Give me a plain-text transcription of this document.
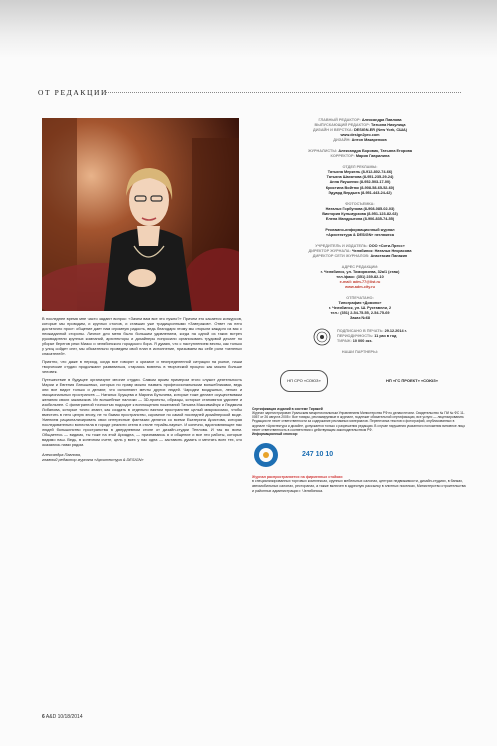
ОТ РЕДАКЦИИ

В последнее время мне часто задают вопрос: «Зачем вам все это нужно?» Причем это касается конкурсов, которые мы проводим, и круглых столов, и ставших уже традиционными «Завтраков». Ответ на него достаточно прост: общение дает нам огромную радость, ведь благодаря этому мы открыли каждого из вас с неожиданной стороны. Личное для меня было большим удивлением, когда на одной из таких встреч руководители крупных компаний, архитекторы и дизайнеры попросили организовать трудовой десант по уборке берегов реки Миасс и челябинского городского бора. Я думаю, что с наступлением весны, как только у улиц сойдет снег, мы обязательно проведем свой план в исполнение, призываем вы себе роли «зеленых спасателей».

Приятно, что даже в период, когда все говорят о кризисе и неопределенной ситуации на рынке, наши творческие студии продолжают развиваться, стараясь вовлечь в творческий процесс как можно больше человек.

Путешествие в будущее организуют многие студии. Самым ярким примером этого служит деятельность Марии и Евгения Латышевых, которых по праву можно назвать профессиональными волшебниками, ведь они все видят только и делают, что исполняют мечты других людей. Чародеи воздушных, легких и эмоциональных пространств — Наталья Хрущева и Марина Бутычева, которые тоже делают осуществимым желания своих заказчиков. Их волшебные палочки — 3D-проекты, образцы, которые становятся удачнее и изобильнее. С филигранной точностью подходят к воплощению пожеланий Татьяна Максимайчук и Людмила Лобанова, которые точно знают, как создать в отдельно взятом пространстве целый микрокосмос, чтобы вместить в него целую эпоху, не то бывая пространство, скромное по самой последней дизайнерской моде. Умением рационализировать свои интересные фантазии делятся со всеми Екатерина Аристова, которая последовательно воплотила в городе реалити отеля в стиле «прайм-лаунж». И конечно, вдохновляющее нас людей большинство пространства в двердневном стиле от дизайн-студии Теплова. И так во всем. Общаетесь — видимо, ты тоже на этой Ариадна, — признаваюсь я и общение и все эти работы, которые видимо наш. Ведь, в конечном счете, цель у всех у нас одна — заставить думать и мечтать всех тех, кто оказались нами рядом.

Александра Павлова,
главный редактор журнала «Архитектура & DESIGN»
ГЛАВНЫЙ РЕДАКТОР: Александра Павлова
ВЫПУСКАЮЩИЙ РЕДАКТОР: Татьяна Никулица
ДИЗАЙН И ВЕРСТКА: DESIGN-ER (New York, США)
www.design2pro.com
ДИЗАЙН: Антон Макаренков
ЖУРНАЛИСТЫ: Александра Боровик, Татьяна Егорова
КОРРЕКТОР: Мария Гаврилина
ОТДЕЛ РЕКЛАМЫ:
Татьяна Меркель (8-912-802-74-66)
Татьяна Шахатова (8-951-235-29-24)
Анна Якушенко (8-952-503-17-00)
Кристина Войтюк (8-908-58-65-52-60)
Эдуард Вердыга (8-951-443-24-42)
ФОТОСЪЕМКА:
Наталья Горбунова (8-908-085-02-03)
Виктория Кульмурзова (8-951-123-82-63)
Елена Мандрыгина (8-906-835-74-55)
Рекламно-информационный журнал
«Архитектура & DESIGN» негляжеса
УЧРЕДИТЕЛЬ И ИЗДАТЕЛЬ: ООО «Сити-Пресс»
ДИРЕКТОР ЖУРНАЛА: Челябинск: Наталья Некрасова
ДИРЕКТОР СЕТИ ЖУРНАЛОВ: Анастасия Панакин
АДРЕС РЕДАКЦИИ:
г. Челябинск, ул. Тимирязева, 32а/1 (этаж)
тел./факс: (351) 239-82-10
e-mail: adm-77@list.ru
www.adm-city.ru
ОТПЕЧАТАНО:
Типография «Домино»
г. Челябинск, ул. Ш. Руставели, 2
тел.: (351) 2-54-75-55, 2-54-75-69
Заказ №68
ПОДПИСАНО В ПЕЧАТЬ: 29.12.2014 г.
ПЕРИОДИЧНОСТЬ: 11 раз в год
ТИРАЖ: 10 000 экз.
НАШИ ПАРТНЕРЫ:
НП СРО «СОЮЗ»	НП «ГС ПРОЕКТ» «СОЮЗ»
Сертификация изданий в системе Тиражей
Журнал зарегистрирован Уральским межрегиональным Управлением Министерства РФ по делам печати. Свидетельство № ПИ № ФС 11-0057 от 26 августа 2005 г. Все товары, рекламируемые в журнале, подлежат обязательной сертификации, все услуги — лицензированию. Редакция не несет ответственности за содержание рекламных материалов. Перепечатка текстов и фотографий, опубликованных в журнале «Архитектура и дизайн», допускается только с разрешения редакции. В случае нарушения указанного положения виновное лицо несет ответственность в соответствии с действующим законодательством РФ.
Информационный спонсор:
247 10 10
Журнал распространяется на фирменных стойках:
в специализированных торговых комплексах, крупных мебельных салонах, центрах недвижимости, дизайн-студиях, в банках, автомобильных салонах, ресторанах, а также включен в адресную рассылку в элитных поселках, Министерство строительства и районных администрации г. Челябинска.
6 A&D 10/18/2014
